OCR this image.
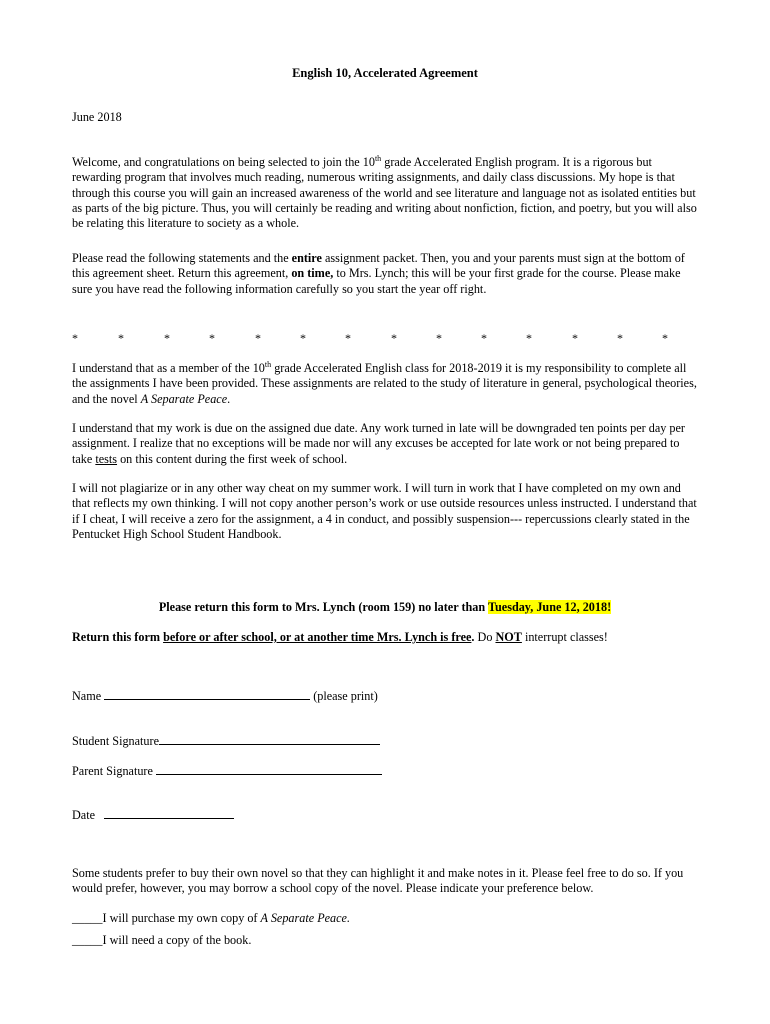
English 10, Accelerated Agreement
June 2018
Welcome, and congratulations on being selected to join the 10th grade Accelerated English program. It is a rigorous but rewarding program that involves much reading, numerous writing assignments, and daily class discussions. My hope is that through this course you will gain an increased awareness of the world and see literature and language not as isolated entities but as parts of the big picture. Thus, you will certainly be reading and writing about nonfiction, fiction, and poetry, but you will also be relating this literature to society as a whole.
Please read the following statements and the entire assignment packet. Then, you and your parents must sign at the bottom of this agreement sheet. Return this agreement, on time, to Mrs. Lynch; this will be your first grade for the course. Please make sure you have read the following information carefully so you start the year off right.
*	*	*	*	*	*	*	*	*	*	*	*	*	*
I understand that as a member of the 10th grade Accelerated English class for 2018-2019 it is my responsibility to complete all the assignments I have been provided. These assignments are related to the study of literature in general, psychological theories, and the novel A Separate Peace.
I understand that my work is due on the assigned due date. Any work turned in late will be downgraded ten points per day per assignment. I realize that no exceptions will be made nor will any excuses be accepted for late work or not being prepared to take tests on this content during the first week of school.
I will not plagiarize or in any other way cheat on my summer work. I will turn in work that I have completed on my own and that reflects my own thinking. I will not copy another person’s work or use outside resources unless instructed. I understand that if I cheat, I will receive a zero for the assignment, a 4 in conduct, and possibly suspension--- repercussions clearly stated in the Pentucket High School Student Handbook.
Please return this form to Mrs. Lynch (room 159) no later than Tuesday, June 12, 2018!
Return this form before or after school, or at another time Mrs. Lynch is free. Do NOT interrupt classes!
Name	(please print)
Student Signature
Parent Signature
Date
Some students prefer to buy their own novel so that they can highlight it and make notes in it. Please feel free to do so. If you would prefer, however, you may borrow a school copy of the novel. Please indicate your preference below.
_____I will purchase my own copy of A Separate Peace.
_____I will need a copy of the book.
